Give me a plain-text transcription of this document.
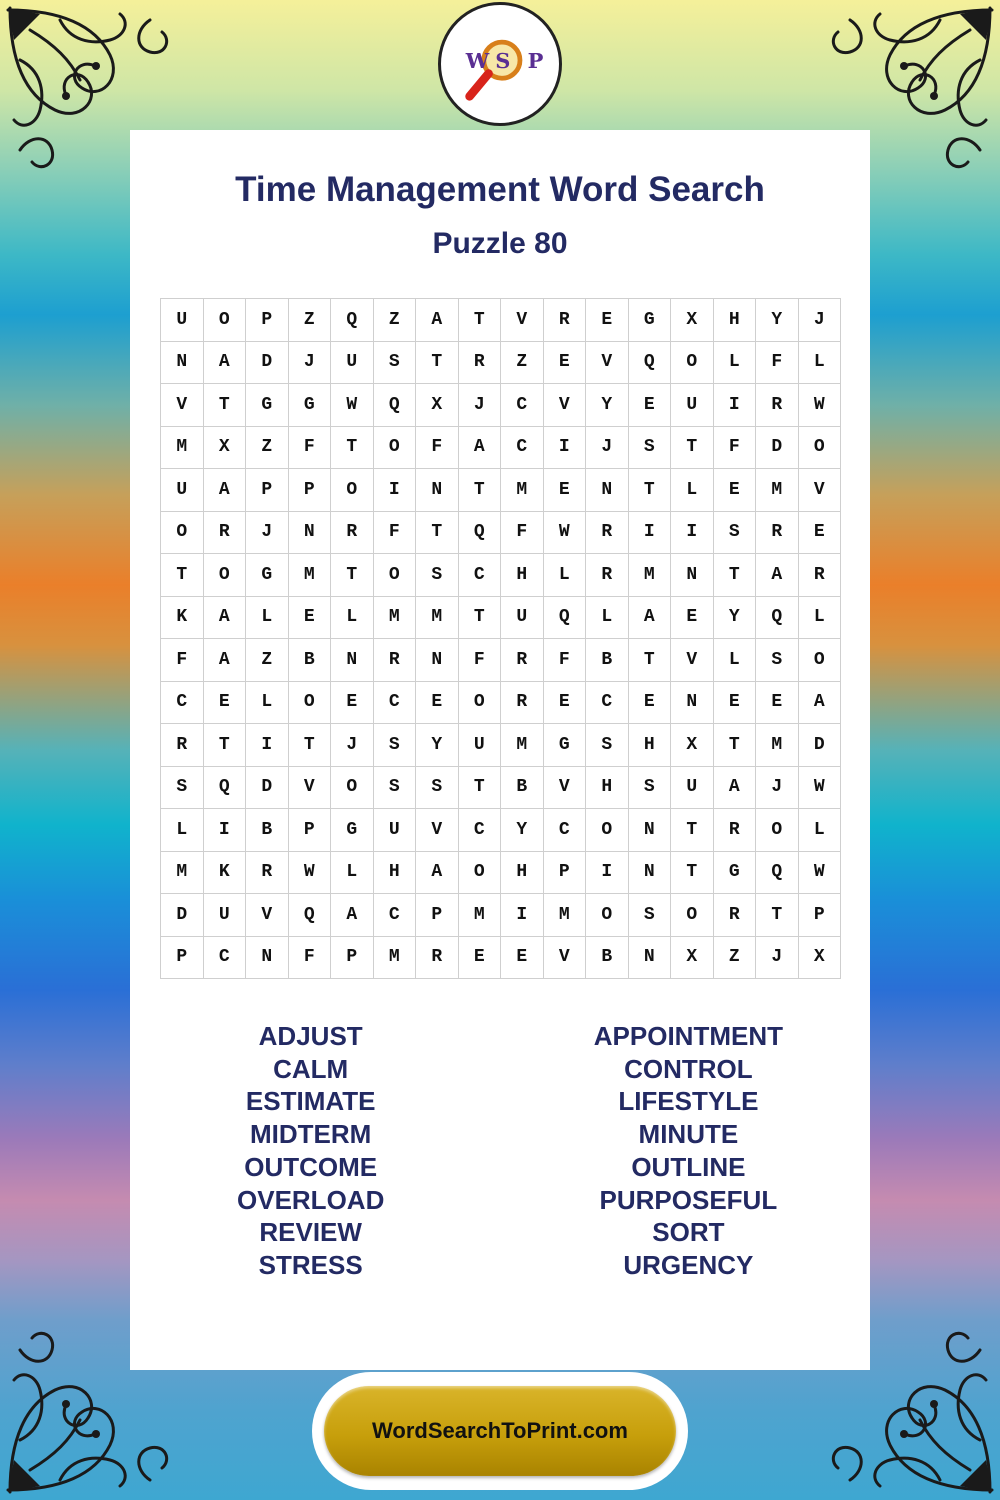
W S P
Time Management Word Search
Puzzle 80
U	O	P	Z	Q	Z	A	T	V	R	E	G	X	H	Y	J
N	A	D	J	U	S	T	R	Z	E	V	Q	O	L	F	L
V	T	G	G	W	Q	X	J	C	V	Y	E	U	I	R	W
M	X	Z	F	T	O	F	A	C	I	J	S	T	F	D	O
U	A	P	P	O	I	N	T	M	E	N	T	L	E	M	V
O	R	J	N	R	F	T	Q	F	W	R	I	I	S	R	E
T	O	G	M	T	O	S	C	H	L	R	M	N	T	A	R
K	A	L	E	L	M	M	T	U	Q	L	A	E	Y	Q	L
F	A	Z	B	N	R	N	F	R	F	B	T	V	L	S	O
C	E	L	O	E	C	E	O	R	E	C	E	N	E	E	A
R	T	I	T	J	S	Y	U	M	G	S	H	X	T	M	D
S	Q	D	V	O	S	S	T	B	V	H	S	U	A	J	W
L	I	B	P	G	U	V	C	Y	C	O	N	T	R	O	L
M	K	R	W	L	H	A	O	H	P	I	N	T	G	Q	W
D	U	V	Q	A	C	P	M	I	M	O	S	O	R	T	P
P	C	N	F	P	M	R	E	E	V	B	N	X	Z	J	X
ADJUST
CALM
ESTIMATE
MIDTERM
OUTCOME
OVERLOAD
REVIEW
STRESS
APPOINTMENT
CONTROL
LIFESTYLE
MINUTE
OUTLINE
PURPOSEFUL
SORT
URGENCY
WordSearchToPrint.com
